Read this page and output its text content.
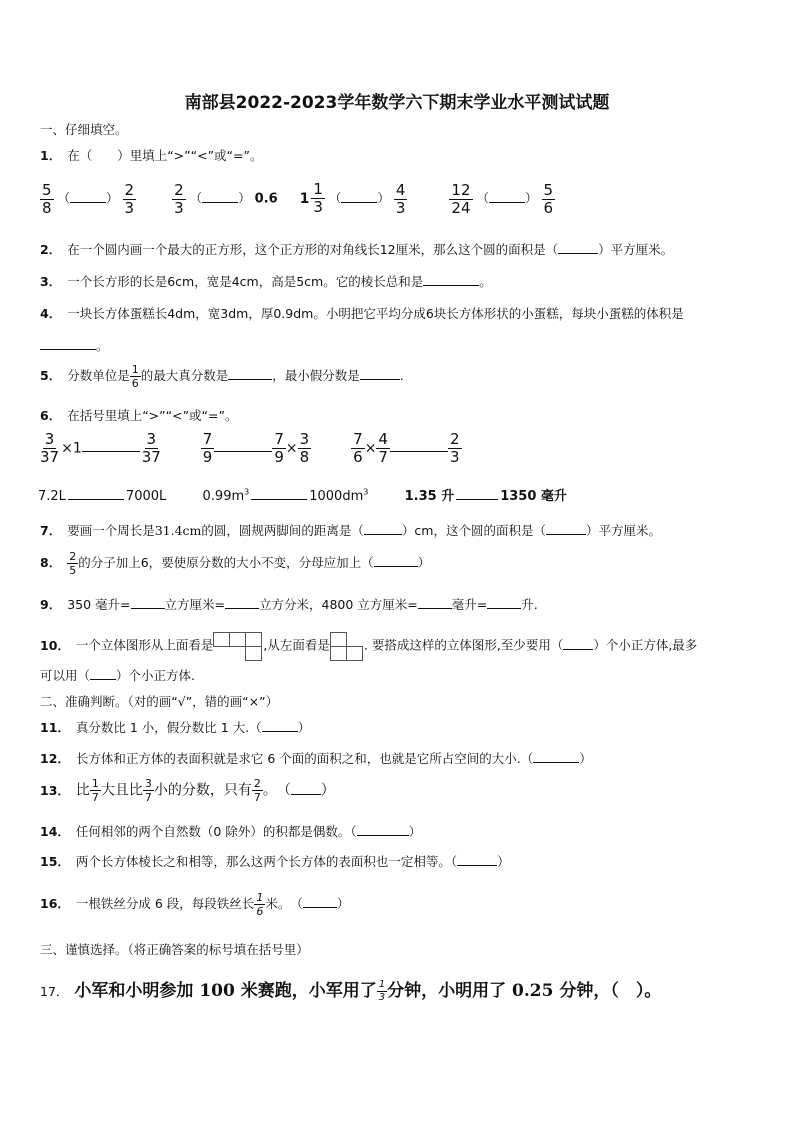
南部县2022-2023学年数学六下期末学业水平测试试题
一、仔细填空。
1． 在（　　）里填上“>”“<”或“=”。
$\frac{5}{8}$ （	） $\frac{2}{3}$
$\frac{2}{3}$ （	） 0.6 $1 \frac{1}{3}$ （	） $\frac{4}{3}$
	$\frac{12}{24}$ （	） $\frac{5}{6}$
2． 在一个圆内画一个最大的正方形，这个正方形的对角线长12厘米，那么这个圆的面积是（	）平方厘米。
3． 一个长方形的长是6cm，宽是4cm，高是5cm。它的棱长总和是	。
4． 一块长方体蛋糕长4dm，宽3dm，厚0.9dm。小明把它平均分成6块长方体形状的小蛋糕，每块小蛋糕的体积是
。
5． 分数单位是 $\frac{1}{6}$ 的最大真分数是	，最小假分数是	.
6． 在括号里填上“>”“<”或“=”。
$\frac{3}{37} \times 1$	$\frac{3}{37}$
	$\frac{7}{9}$	$\frac{7}{9} \times \frac{3}{8}$
	$\frac{7}{6} \times \frac{4}{7}$	$\frac{2}{3}$
7.2L	7000L	$0.99m^3$	$1000dm^3$	1.35 升	1350 毫升
7． 要画一个周长是31.4cm的圆，圆规两脚间的距离是（	）cm，这个圆的面积是（	）平方厘米。
8． $\frac{2}{5}$ 的分子加上6，要使原分数的大小不变，分母应加上（	）
9． 350 毫升=	立方厘米=	立方分米，4800 立方厘米=	毫升=	升.
10． 一个立体图形从上面看是	,从左面看是	. 要搭成这样的立体图形,至少要用（ ）个小正方体,最多
可以用（ ）个小正方体.
二、准确判断。（对的画“√”，错的画“×”）
11． 真分数比 1 小，假分数比 1 大.（	）
12． 长方体和正方体的表面积就是求它 6 个面的面积之和，也就是它所占空间的大小.（	）
13． 比 $\frac{1}{7}$ 大且比 $\frac{3}{7}$ 小的分数，只有 $\frac{2}{7}$ 。　（ ）
14． 任何相邻的两个自然数（0 除外）的积都是偶数。（	）
15． 两个长方体棱长之和相等，那么这两个长方体的表面积也一定相等。（	）
16． 一根铁丝分成 6 段，每段铁丝长 $\frac{1}{6}$ 米。　（	）
三、谨慎选择。（将正确答案的标号填在括号里）
17． 小军和小明参加 100 米赛跑，小军用了 $\frac{1}{3}$ 分钟，小明用了 0.25 分钟，（　）。
